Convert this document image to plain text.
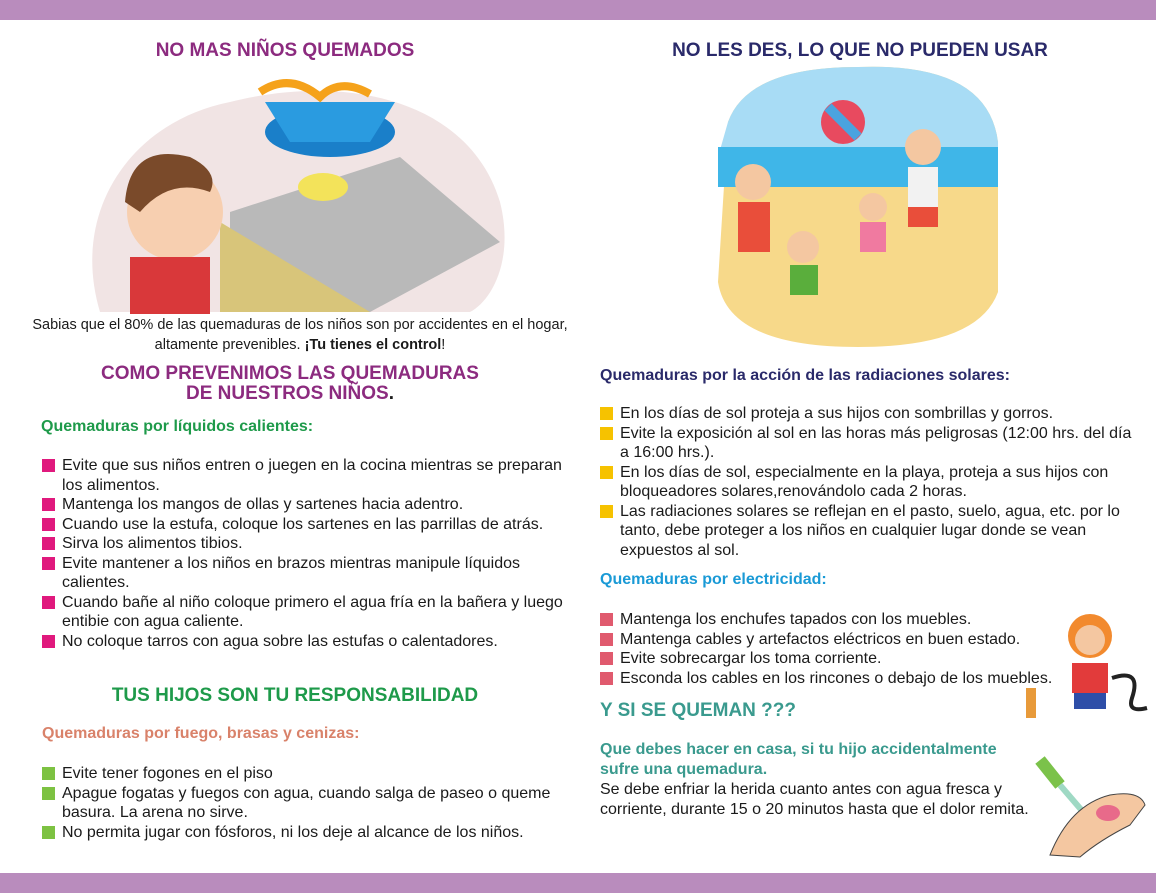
NO MAS NIÑOS QUEMADOS	NO LES DES, LO QUE NO PUEDEN USAR

Sabias que el 80% de las quemaduras de los niños son por accidentes en el hogar, altamente prevenibles. ¡Tu tienes el control!

COMO PREVENIMOS LAS QUEMADURAS
DE NUESTROS NIÑOS.
Quemaduras por líquidos calientes:
Evite que sus niños entren o juegen en la cocina mientras se preparan los alimentos.
Mantenga los mangos de ollas y sartenes hacia adentro.
Cuando use la estufa, coloque los sartenes en las parrillas de atrás.
Sirva los alimentos tibios.
Evite mantener a los niños en brazos mientras manipule líquidos calientes.
Cuando bañe al niño coloque primero el agua fría en la bañera y luego entibie con agua caliente.
No coloque tarros con agua sobre las estufas o calentadores.
TUS HIJOS SON TU RESPONSABILIDAD
Quemaduras por fuego, brasas y cenizas:
Evite tener fogones en el piso
Apague fogatas y fuegos con agua, cuando salga de paseo o queme basura. La arena no sirve.
No permita jugar con fósforos, ni los deje al alcance de los niños.
Quemaduras por la acción de las radiaciones solares:
En los días de sol proteja a sus hijos con sombrillas y gorros.
Evite la exposición al sol en las horas más peligrosas (12:00 hrs. del día a 16:00 hrs.).
En los días de sol, especialmente en la playa, proteja a sus hijos con bloqueadores solares,renovándolo cada 2 horas.
Las radiaciones solares se reflejan en el pasto, suelo, agua, etc. por lo tanto, debe proteger a los niños en cualquier lugar donde se vean expuestos al sol.
Quemaduras por electricidad:
Mantenga los enchufes tapados con los muebles.
Mantenga cables y artefactos eléctricos en buen estado.
Evite sobrecargar los toma corriente.
Esconda los cables en los rincones o debajo de los muebles.
Y SI SE QUEMAN ???
Que debes hacer en casa, si tu hijo accidentalmente sufre una quemadura.
Se debe enfriar la herida cuanto antes con agua fresca y corriente, durante 15 o 20 minutos hasta que el dolor remita.
